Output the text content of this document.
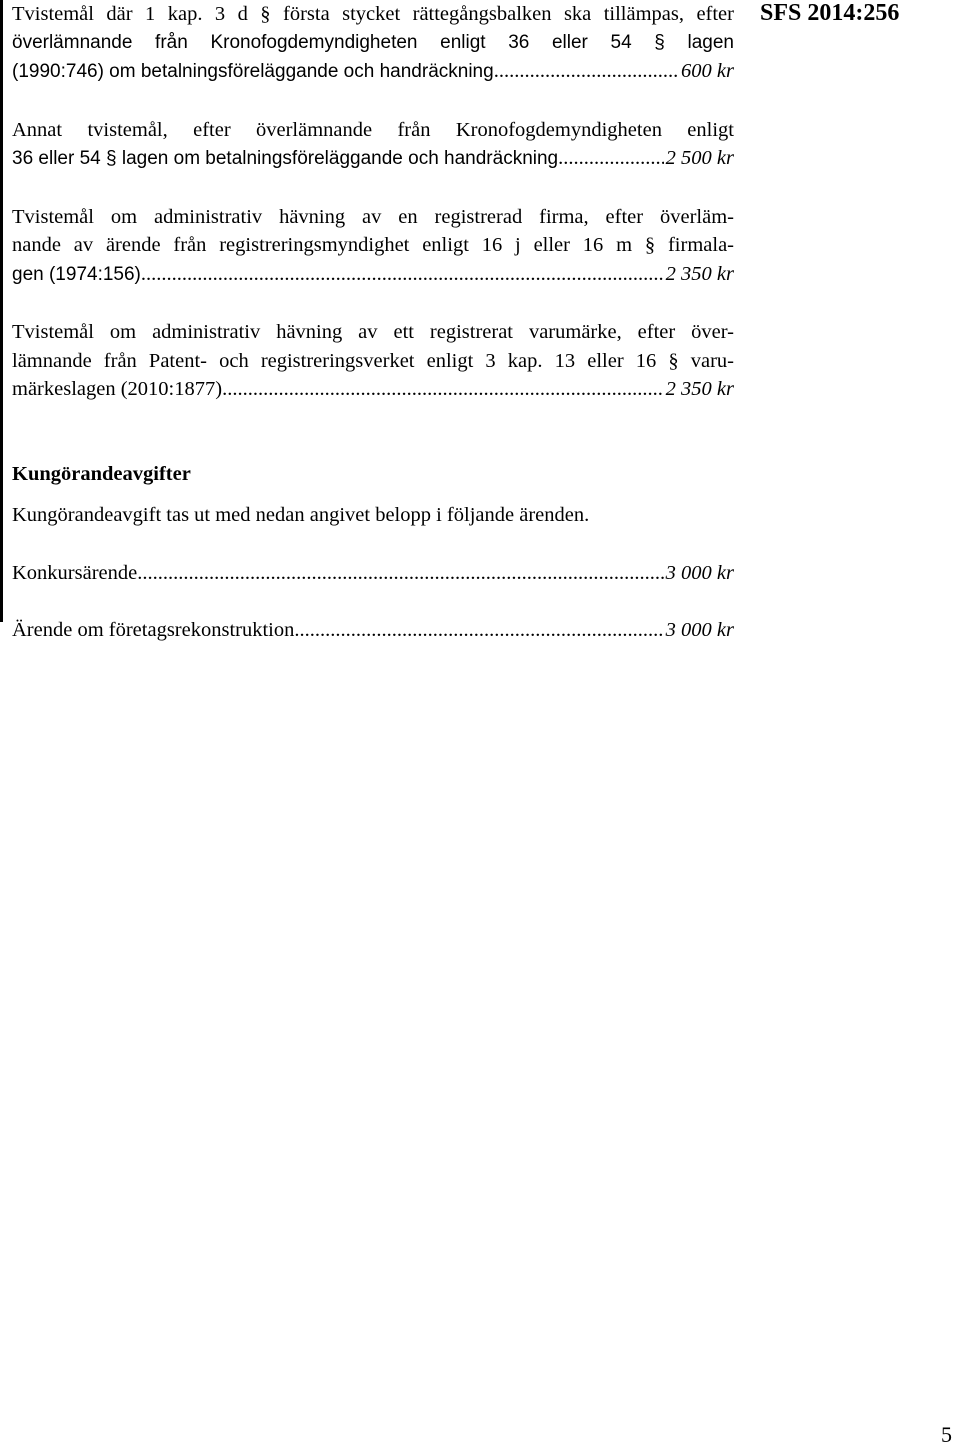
SFS 2014:256
Tvistemål där 1 kap. 3 d § första stycket rättegångsbalken ska tillämpas, efter
överlämnande från Kronofogdemyndigheten enligt 36 eller 54 § lagen
(1990:746) om betalningsföreläggande och handräckning .....	600 kr
Annat tvistemål, efter överlämnande från Kronofogdemyndigheten enligt
36 eller 54 § lagen om betalningsföreläggande och handräckning .....	2 500 kr
Tvistemål om administrativ hävning av en registrerad firma, efter överläm-
nande av ärende från registreringsmyndighet enligt 16 j eller 16 m § firmala-
gen (1974:156) .....	2 350 kr
Tvistemål om administrativ hävning av ett registrerat varumärke, efter över-
lämnande från Patent- och registreringsverket enligt 3 kap. 13 eller 16 § varu-
märkeslagen (2010:1877) .....	2 350 kr

Kungörandeavgifter

Kungörandeavgift tas ut med nedan angivet belopp i följande ärenden.

Konkursärende .....	3 000 kr
Ärende om företagsrekonstruktion .....	3 000 kr
5
